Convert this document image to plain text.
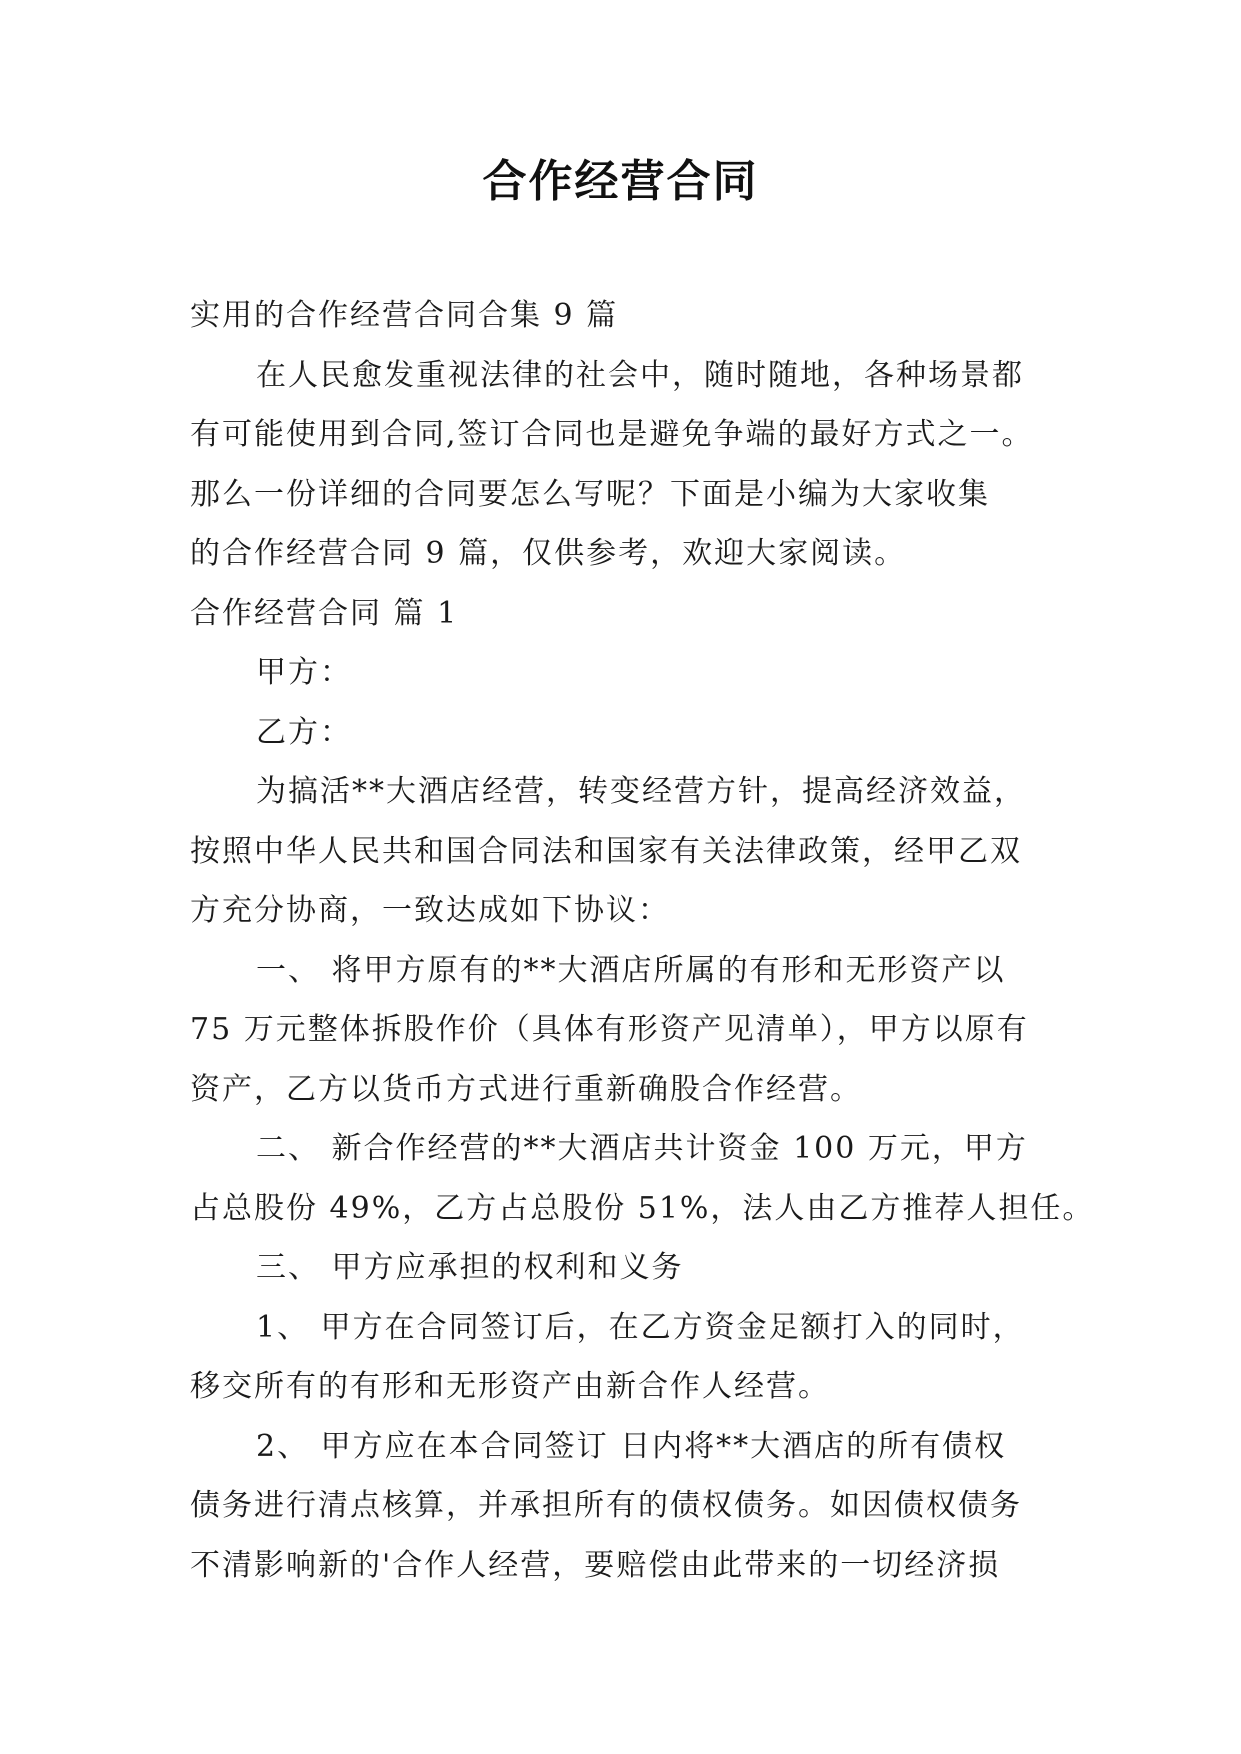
合作经营合同
实用的合作经营合同合集 9 篇
在人民愈发重视法律的社会中，随时随地，各种场景都
有可能使用到合同,签订合同也是避免争端的最好方式之一。
那么一份详细的合同要怎么写呢？下面是小编为大家收集
的合作经营合同 9 篇，仅供参考，欢迎大家阅读。
合作经营合同 篇 1
甲方：
乙方：
为搞活**大酒店经营，转变经营方针，提高经济效益，
按照中华人民共和国合同法和国家有关法律政策，经甲乙双
方充分协商，一致达成如下协议：
一、 将甲方原有的**大酒店所属的有形和无形资产以
75 万元整体拆股作价（具体有形资产见清单），甲方以原有
资产，乙方以货币方式进行重新确股合作经营。
二、 新合作经营的**大酒店共计资金 100 万元，甲方
占总股份 49%，乙方占总股份 51%，法人由乙方推荐人担任。
三、 甲方应承担的权利和义务
1、 甲方在合同签订后，在乙方资金足额打入的同时，
移交所有的有形和无形资产由新合作人经营。
2、 甲方应在本合同签订 日内将**大酒店的所有债权
债务进行清点核算，并承担所有的债权债务。如因债权债务
不清影响新的'合作人经营，要赔偿由此带来的一切经济损
